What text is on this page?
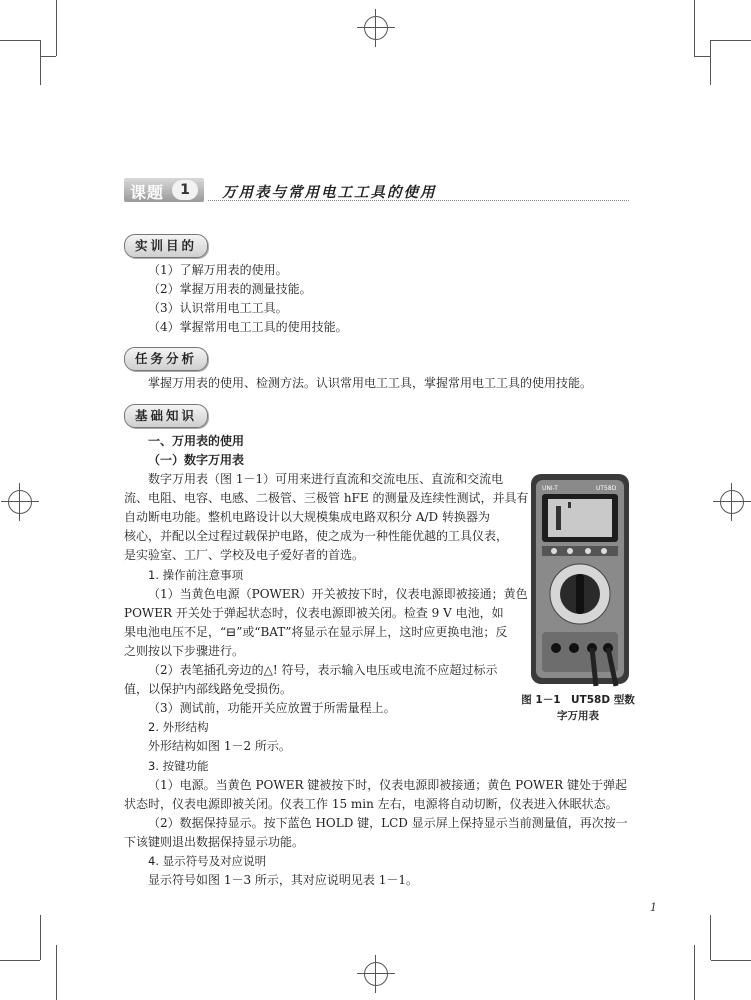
课题	1	万用表与常用电工工具的使用
实训目的
（1）了解万用表的使用。
（2）掌握万用表的测量技能。
（3）认识常用电工工具。
（4）掌握常用电工工具的使用技能。
任务分析
掌握万用表的使用、检测方法。认识常用电工工具，掌握常用电工工具的使用技能。
基础知识
一、万用表的使用
（一）数字万用表
数字万用表（图 1－1）可用来进行直流和交流电压、直流和交流电
流、电阻、电容、电感、二极管、三极管 hFE 的测量及连续性测试，并具有
自动断电功能。整机电路设计以大规模集成电路双积分 A/D 转换器为
核心，并配以全过程过载保护电路，使之成为一种性能优越的工具仪表，
是实验室、工厂、学校及电子爱好者的首选。
1. 操作前注意事项
（1）当黄色电源（POWER）开关被按下时，仪表电源即被接通；黄色
POWER 开关处于弹起状态时，仪表电源即被关闭。检查 9 V 电池，如
果电池电压不足，“⊟”或“BAT”将显示在显示屏上，这时应更换电池；反
之则按以下步骤进行。
（2）表笔插孔旁边的△! 符号，表示输入电压或电流不应超过标示
值，以保护内部线路免受损伤。
（3）测试前，功能开关应放置于所需量程上。
2. 外形结构
外形结构如图 1－2 所示。
3. 按键功能
（1）电源。当黄色 POWER 键被按下时，仪表电源即被接通；黄色 POWER 键处于弹起
状态时，仪表电源即被关闭。仪表工作 15 min 左右，电源将自动切断，仪表进入休眠状态。
（2）数据保持显示。按下蓝色 HOLD 键，LCD 显示屏上保持显示当前测量值，再次按一
下该键则退出数据保持显示功能。
4. 显示符号及对应说明
显示符号如图 1－3 所示，其对应说明见表 1－1。
UNI-T	UT58D
图 1－1　UT58D 型数
字万用表
1
